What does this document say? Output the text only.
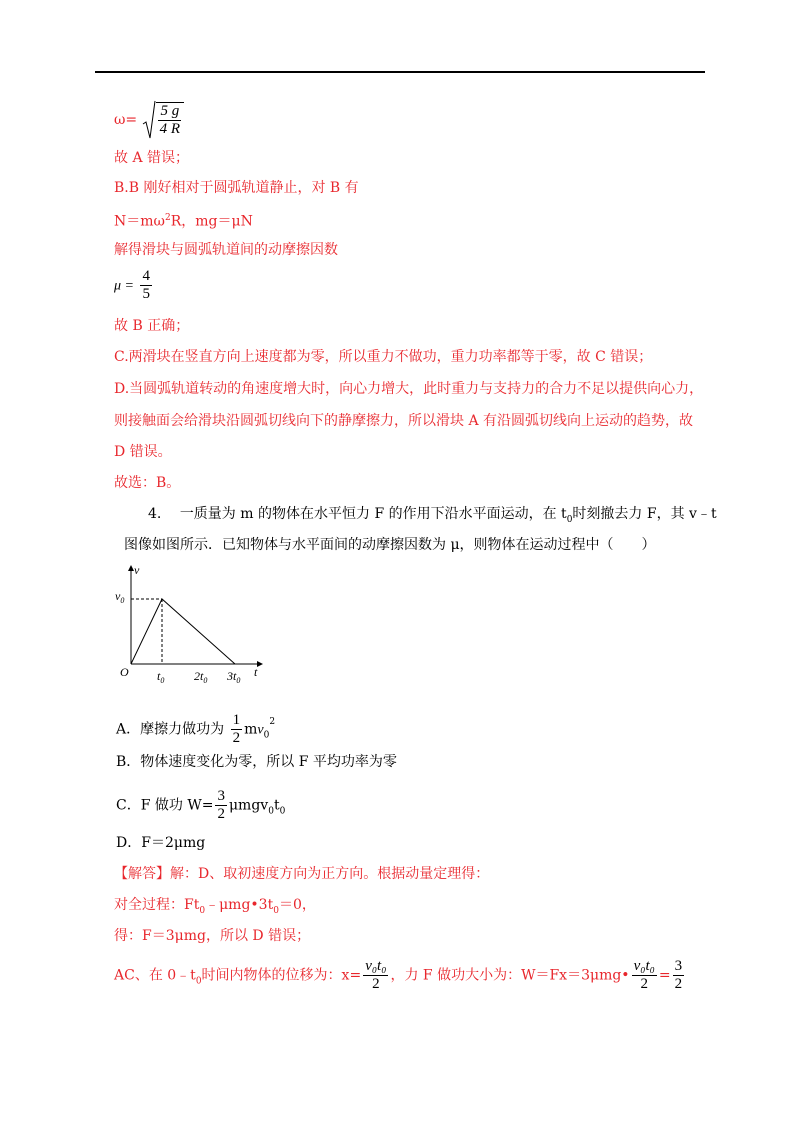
$\omega= \frac{5 g}{4 R}$
故 A 错误；
B.B 刚好相对于圆弧轨道静止，对 B 有
$N=m\omega^2R$，mg＝μN
解得滑块与圆弧轨道间的动摩擦因数
$\mu = \frac{4}{5}$
故 B 正确；
C.两滑块在竖直方向上速度都为零，所以重力不做功，重力功率都等于零，故 C 错误；
D.当圆弧轨道转动的角速度增大时，向心力增大，此时重力与支持力的合力不足以提供向心力，
则接触面会给滑块沿圆弧切线向下的静摩擦力，所以滑块 A 有沿圆弧切线向上运动的趋势，故
D 错误。
故选：B。
4. 一质量为 m 的物体在水平恒力 F 的作用下沿水平面运动，在 $t_0$时刻撤去力 F，其 v﹣t
图像如图所示．已知物体与水平面间的动摩擦因数为 μ，则物体在运动过程中（　　）
v
t
O
$v_0$
$t_0$ $2t_0$ $3t_0$
A．摩擦力做功为 $\frac{1}{2} mv_0^2$
B．物体速度变化为零，所以 F 平均功率为零
C．F 做功 $W= \frac{3}{2} \mu mgv_0t_0$
D．F＝2μmg
【解答】解：D、取初速度方向为正方向。根据动量定理得：
对全过程：$Ft_0﹣\mu mg•3t_0=0$，
得：F＝3μmg，所以 D 错误；
AC、在 $0﹣t_0$时间内物体的位移为：$x= \frac{\text{v₀t₀}}{2}$ ，力 F 做功大小为：W＝Fx＝3μmg• $\frac{\text{v₀t₀}}{2} = \frac{3}{2}$
